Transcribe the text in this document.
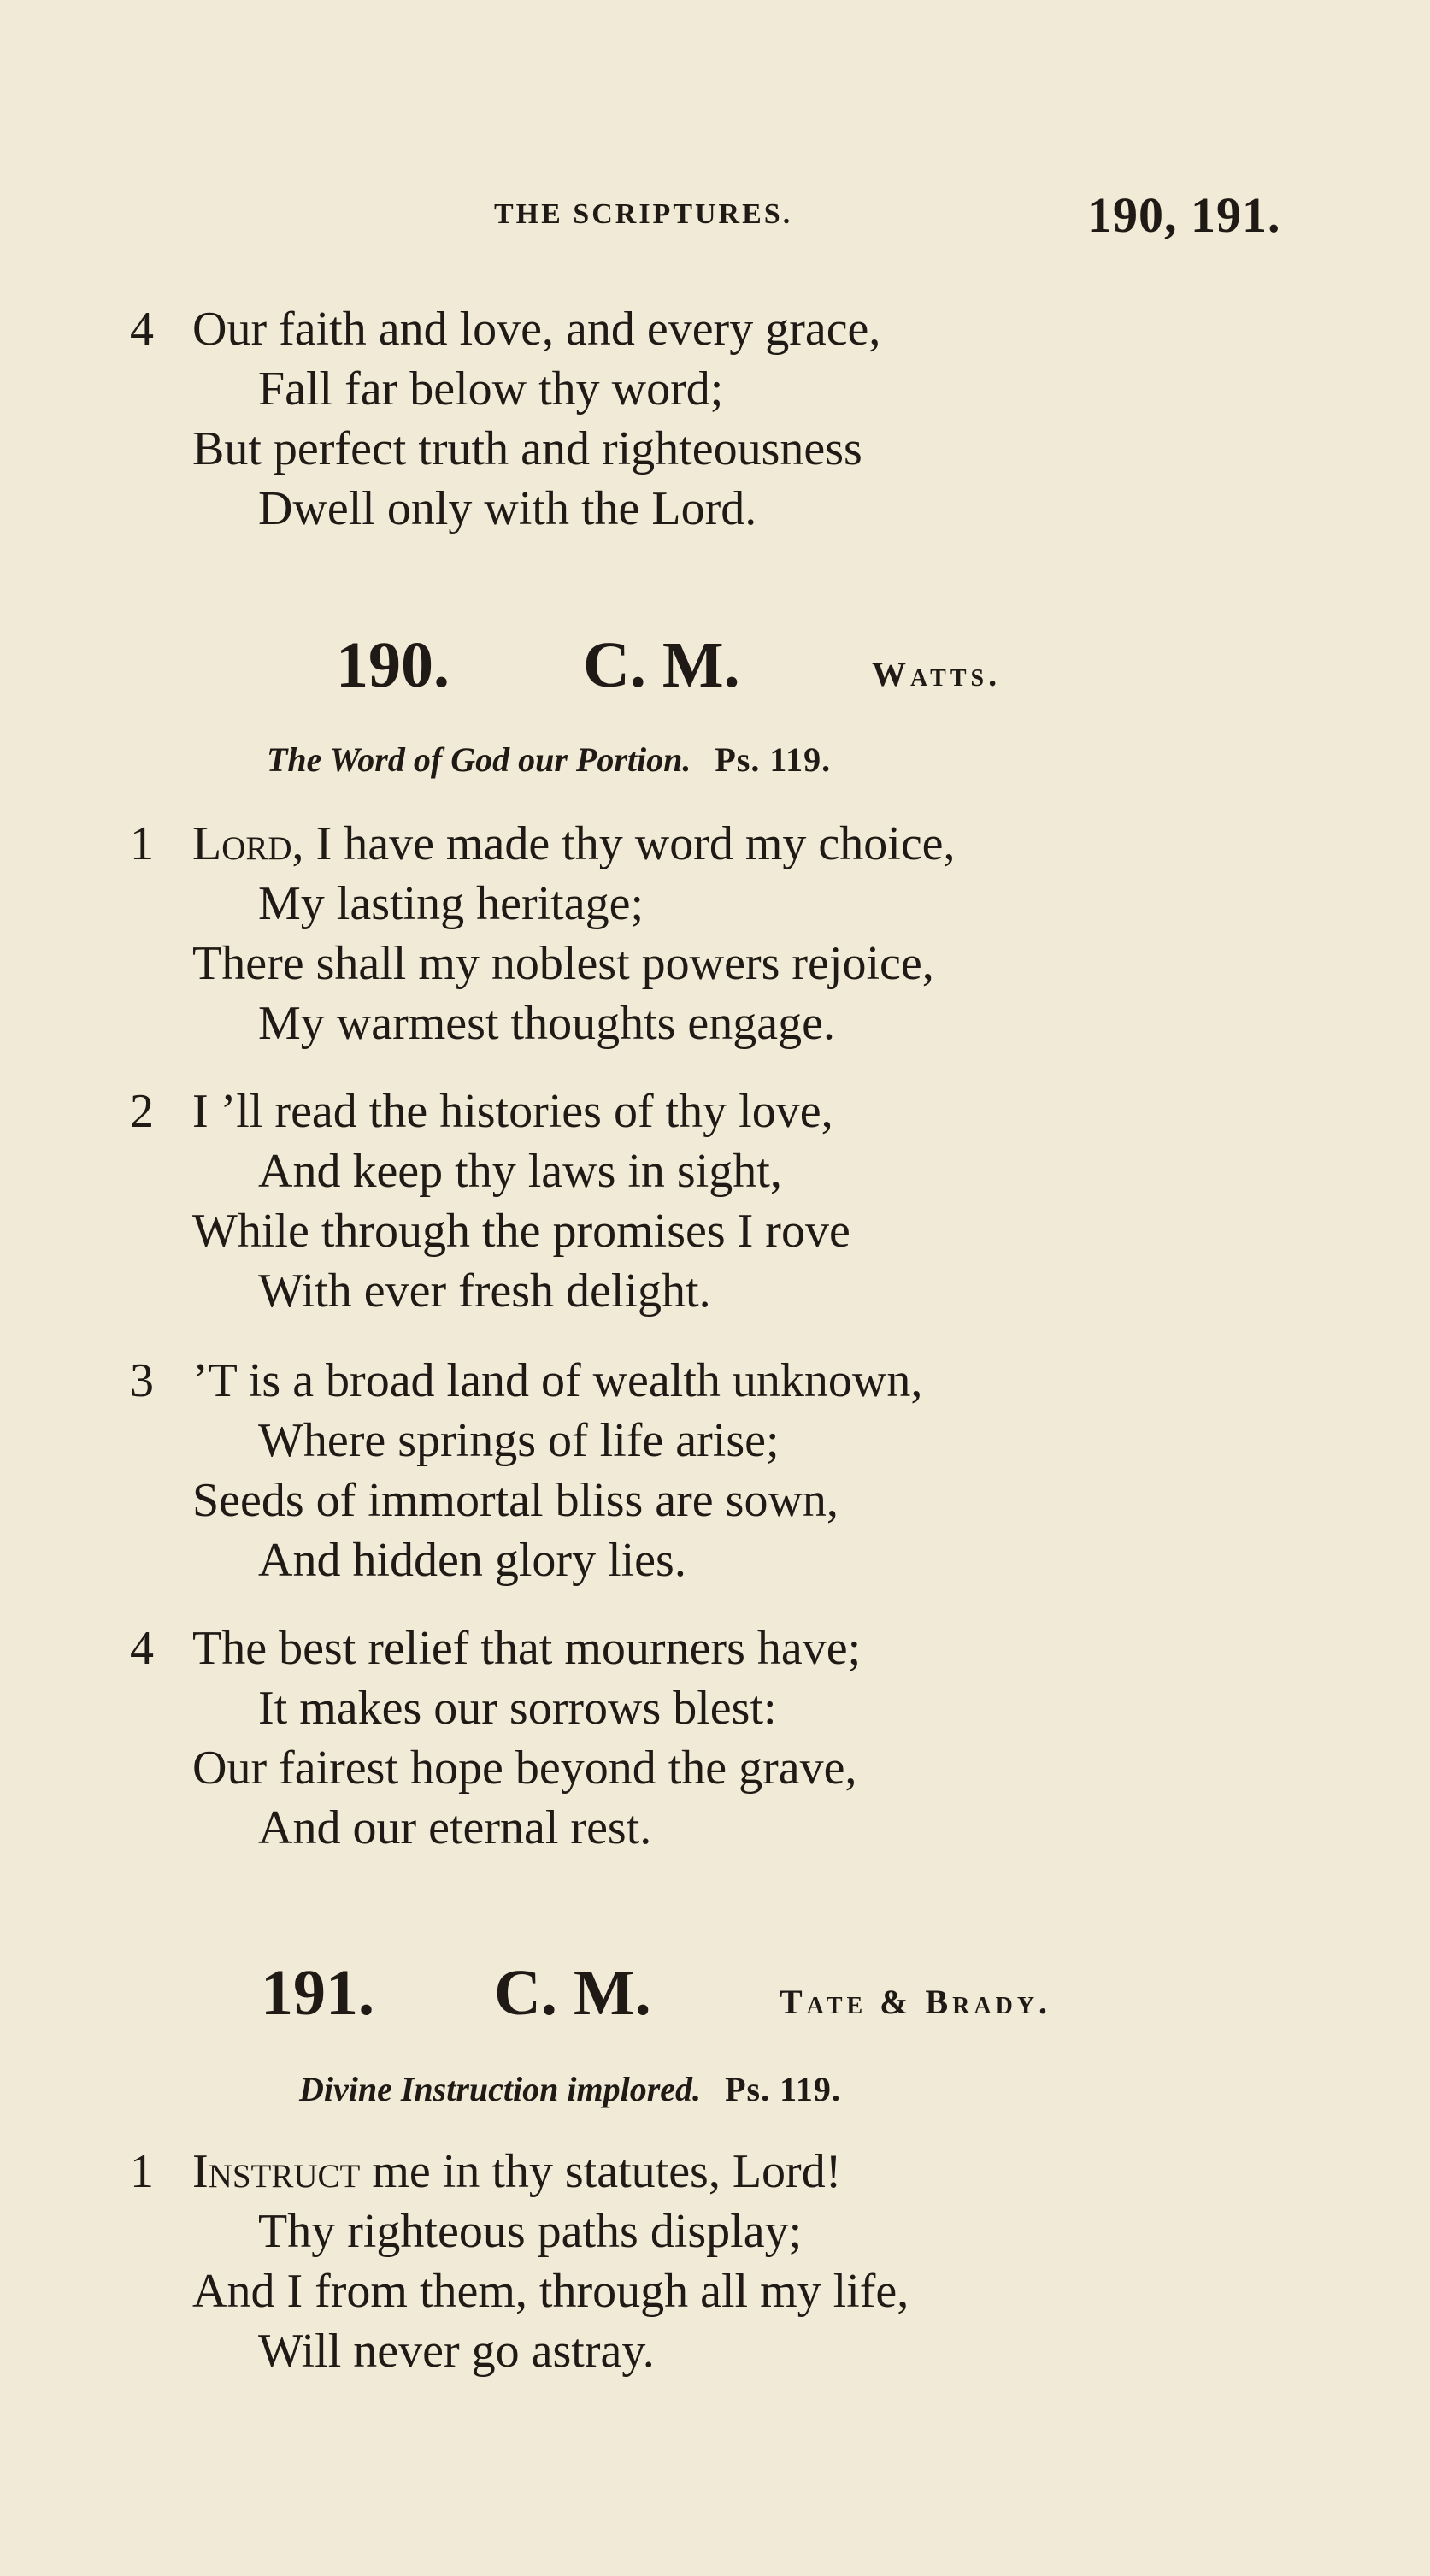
THE SCRIPTURES.	190, 191.
4 Our faith and love, and every grace,
Fall far below thy word;
But perfect truth and righteousness
Dwell only with the Lord.
190. C. M.	Watts.
The Word of God our Portion. Ps. 119.
1 Lord, I have made thy word my choice,
My lasting heritage;
There shall my noblest powers rejoice,
My warmest thoughts engage.
2 I ’ll read the histories of thy love,
And keep thy laws in sight,
While through the promises I rove
With ever fresh delight.
3 ’T is a broad land of wealth unknown,
Where springs of life arise;
Seeds of immortal bliss are sown,
And hidden glory lies.
4 The best relief that mourners have;
It makes our sorrows blest:
Our fairest hope beyond the grave,
And our eternal rest.
191. C. M.	Tate & Brady.
Divine Instruction implored. Ps. 119.
1 Instruct me in thy statutes, Lord!
Thy righteous paths display;
And I from them, through all my life,
Will never go astray.
